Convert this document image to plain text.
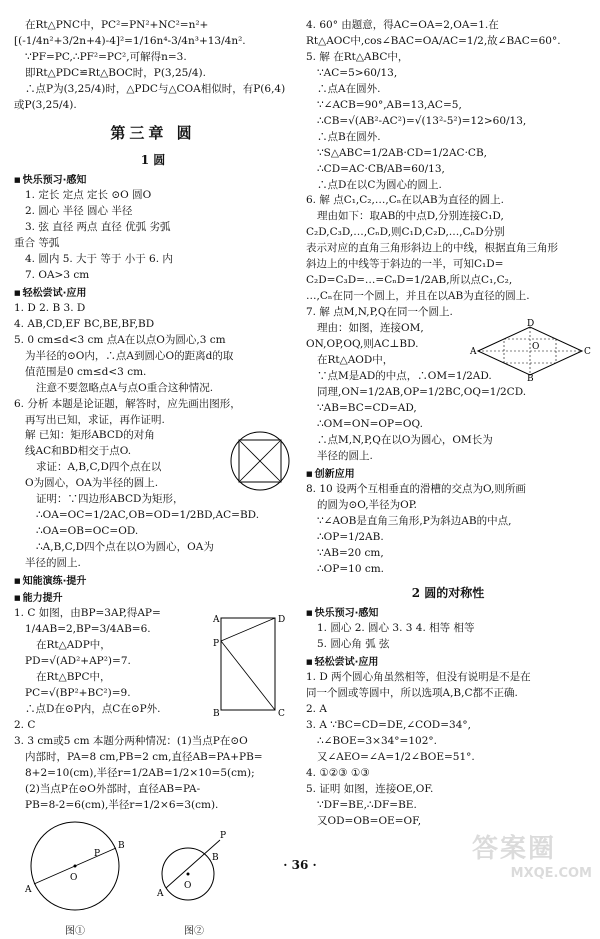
在Rt△PNC中，PC²=PN²+NC²=n²+

[(-1/4n²+3/2n+4)-4]²=1/16n⁴-3/4n³+13/4n².

∵PF=PC,∴PF²=PC²,可解得n=3.

即Rt△PDC≌Rt△BOC时，P(3,25/4).

∴点P为(3,25/4)时，△PDC与△COA相似时，有P(6,4)

或P(3,25/4).

第三章 圆
1 圆
■ 快乐预习·感知

1. 定长 定点 定长 ⊙O 圆O

2. 圆心 半径 圆心 半径

3. 弦 直径 两点 直径 优弧 劣弧

重合 等弧

4. 圆内 5. 大于 等于 小于 6. 内

7. OA>3 cm

■ 轻松尝试·应用

1. D 2. B 3. D

4. AB,CD,EF BC,BE,BF,BD

5. 0 cm≤d<3 cm 点A在以点O为圆心,3 cm

为半径的⊙O内，∴点A到圆心O的距离d的取

值范围是0 cm≤d<3 cm.

注意不要忽略点A与点O重合这种情况.

6. 分析 本题是论证题，解答时，应先画出图形，

再写出已知，求证，再作证明.

解 已知：矩形ABCD的对角

线AC和BD相交于点O.

求证：A,B,C,D四个点在以

O为圆心，OA为半径的圆上.

证明：∵四边形ABCD为矩形，

∴OA=OC=1/2AC,OB=OD=1/2BD,AC=BD.

∴OA=OB=OC=OD.

∴A,B,C,D四个点在以O为圆心，OA为

半径的圆上.

■ 知能演练·提升
■ 能力提升
A	D
B	C
P

1. C 如图，由BP=3AP,得AP=

1/4AB=2,BP=3/4AB=6.

在Rt△ADP中，

PD=√(AD²+AP²)=7.

在Rt△BPC中，

PC=√(BP²+BC²)=9.

∴点D在⊙P内，点C在⊙P外.

2. C

3. 3 cm或5 cm 本题分两种情况：(1)当点P在⊙O

内部时，PA=8 cm,PB=2 cm,直径AB=PA+PB=

8+2=10(cm),半径r=1/2AB=1/2×10=5(cm);

(2)当点P在⊙O外部时，直径AB=PA-

PB=8-2=6(cm),半径r=1/2×6=3(cm).

O
A
B
P
图①
O
A
B
P
图②

4. 60° 由题意，得AC=OA=2,OA=1.在

Rt△AOC中,cos∠BAC=OA/AC=1/2,故∠BAC=60°.

5. 解 在Rt△ABC中，

∵AC=5>60/13,

∴点A在圆外.

∵∠ACB=90°,AB=13,AC=5,

∴CB=√(AB²-AC²)=√(13²-5²)=12>60/13,

∴点B在圆外.

∵S△ABC=1/2AB·CD=1/2AC·CB,

∴CD=AC·CB/AB=60/13,

∴点D在以C为圆心的圆上.

6. 解 点C₁,C₂,…,Cₙ在以AB为直径的圆上.

理由如下：取AB的中点D,分别连接C₁D,

C₂D,C₃D,…,CₙD,则C₁D,C₂D,…,CₙD分别

表示对应的直角三角形斜边上的中线，根据直角三角形

斜边上的中线等于斜边的一半，可知C₁D=

C₂D=C₃D=…=CₙD=1/2AB,所以点C₁,C₂,

…,Cₙ在同一个圆上，并且在以AB为直径的圆上.

7. 解 点M,N,P,Q在同一个圆上.

A	C
D
B
O

理由：如图，连接OM,

ON,OP,OQ,则AC⊥BD.

在Rt△AOD中，

∵点M是AD的中点，∴OM=1/2AD.

同理,ON=1/2AB,OP=1/2BC,OQ=1/2CD.

∵AB=BC=CD=AD,

∴OM=ON=OP=OQ.

∴点M,N,P,Q在以O为圆心，OM长为

半径的圆上.

■ 创新应用

8. 10 设两个互相垂直的滑槽的交点为O,则所画

的圆为⊙O,半径为OP.

∵∠AOB是直角三角形,P为斜边AB的中点,

∴OP=1/2AB.

∵AB=20 cm,

∴OP=10 cm.

2 圆的对称性
■ 快乐预习·感知

1. 圆心 2. 圆心 3. 3 4. 相等 相等

5. 圆心角 弧 弦

■ 轻松尝试·应用

1. D 两个圆心角虽然相等，但没有说明是不是在

同一个圆或等圆中，所以选项A,B,C都不正确.

2. A

3. A ∵BC=CD=DE,∠COD=34°,

∴∠BOE=3×34°=102°.

又∠AEO=∠A=1/2∠BOE=51°.

4. ①②③ ①③

5. 证明 如图，连接OE,OF.

∵DF=BE,∴DF=BE.

又OD=OB=OE=OF,

· 36 ·
答案圈
MXQE.COM
